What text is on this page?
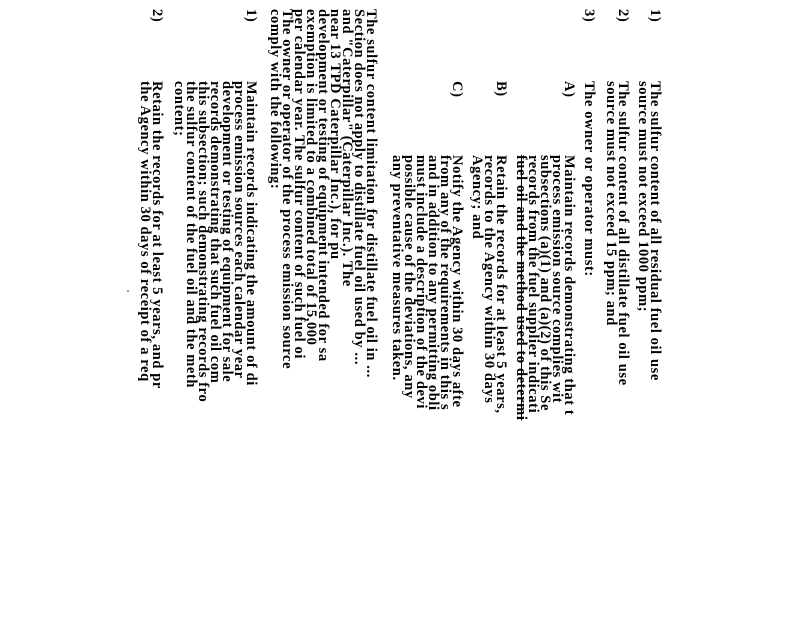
1)
The sulfur content of all residual fuel oil use
source must not exceed 1000 ppm;
2)
The sulfur content of all distillate fuel oil use
source must not exceed 15 ppm; and
3)
The owner or operator must:
A)
Maintain records demonstrating that t
process emission source complies wit
subsections (a)(1) and (a)(2) of this Se
records from the fuel supplier indicati
fuel oil and the method used to determi
B)
Retain the records for at least 5 years,
records to the Agency within 30 days
Agency; and
C)
Notify the Agency within 30 days afte
from any of the requirements in this s
and in addition to any permitting obli
must include a description of the devi
possible cause of the deviations, any
any preventative measures taken.
The sulfur content limitation for distillate fuel oil in ...
Section does not apply to distillate fuel oil used by ...
and "Caterpillar" (Caterpillar Inc.). The
near 13 TPD Caterpillar Inc.), for pu
development or testing of equipment intended for sa
exemption is limited to a combined total of 15,000
per calendar year. The sulfur content of such fuel oi
The owner or operator of the process emission source
comply with the following:
1)
Maintain records indicating the amount of di
process emission sources each calendar year
development or testing of equipment for sale
records demonstrating that such fuel oil com
this subsection; such demonstrating records fro
the sulfur content of the fuel oil and the meth
content;
2)
Retain the records for at least 5 years, and pr
the Agency within 30 days of receipt of a req
